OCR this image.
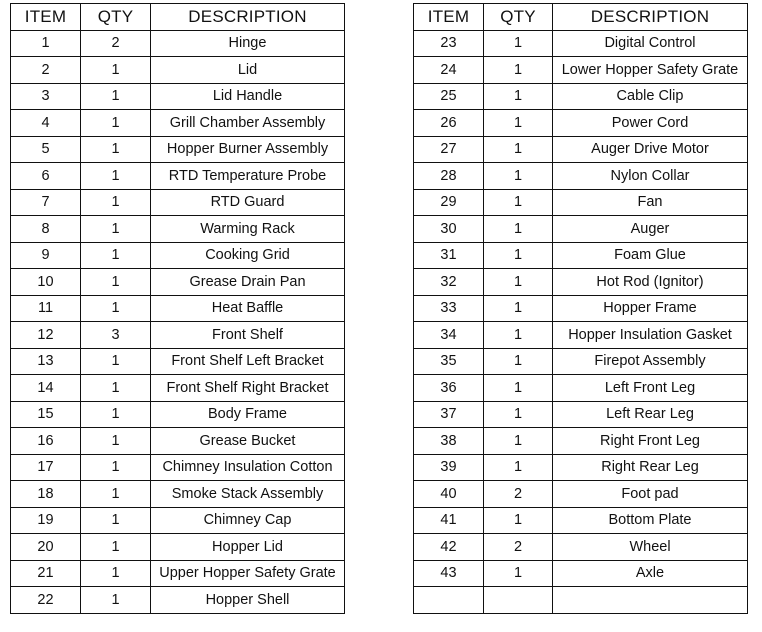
ITEM	QTY	DESCRIPTION
1	2	Hinge
2	1	Lid
3	1	Lid Handle
4	1	Grill Chamber Assembly
5	1	Hopper Burner Assembly
6	1	RTD Temperature Probe
7	1	RTD Guard
8	1	Warming Rack
9	1	Cooking Grid
10	1	Grease Drain Pan
11	1	Heat Baffle
12	3	Front Shelf
13	1	Front Shelf Left Bracket
14	1	Front Shelf Right Bracket
15	1	Body Frame
16	1	Grease Bucket
17	1	Chimney Insulation Cotton
18	1	Smoke Stack Assembly
19	1	Chimney Cap
20	1	Hopper Lid
21	1	Upper Hopper Safety Grate
22	1	Hopper Shell
ITEM	QTY	DESCRIPTION
23	1	Digital Control
24	1	Lower Hopper Safety Grate
25	1	Cable Clip
26	1	Power Cord
27	1	Auger Drive Motor
28	1	Nylon Collar
29	1	Fan
30	1	Auger
31	1	Foam Glue
32	1	Hot Rod (Ignitor)
33	1	Hopper Frame
34	1	Hopper Insulation Gasket
35	1	Firepot Assembly
36	1	Left Front Leg
37	1	Left Rear Leg
38	1	Right Front Leg
39	1	Right Rear Leg
40	2	Foot pad
41	1	Bottom Plate
42	2	Wheel
43	1	Axle
